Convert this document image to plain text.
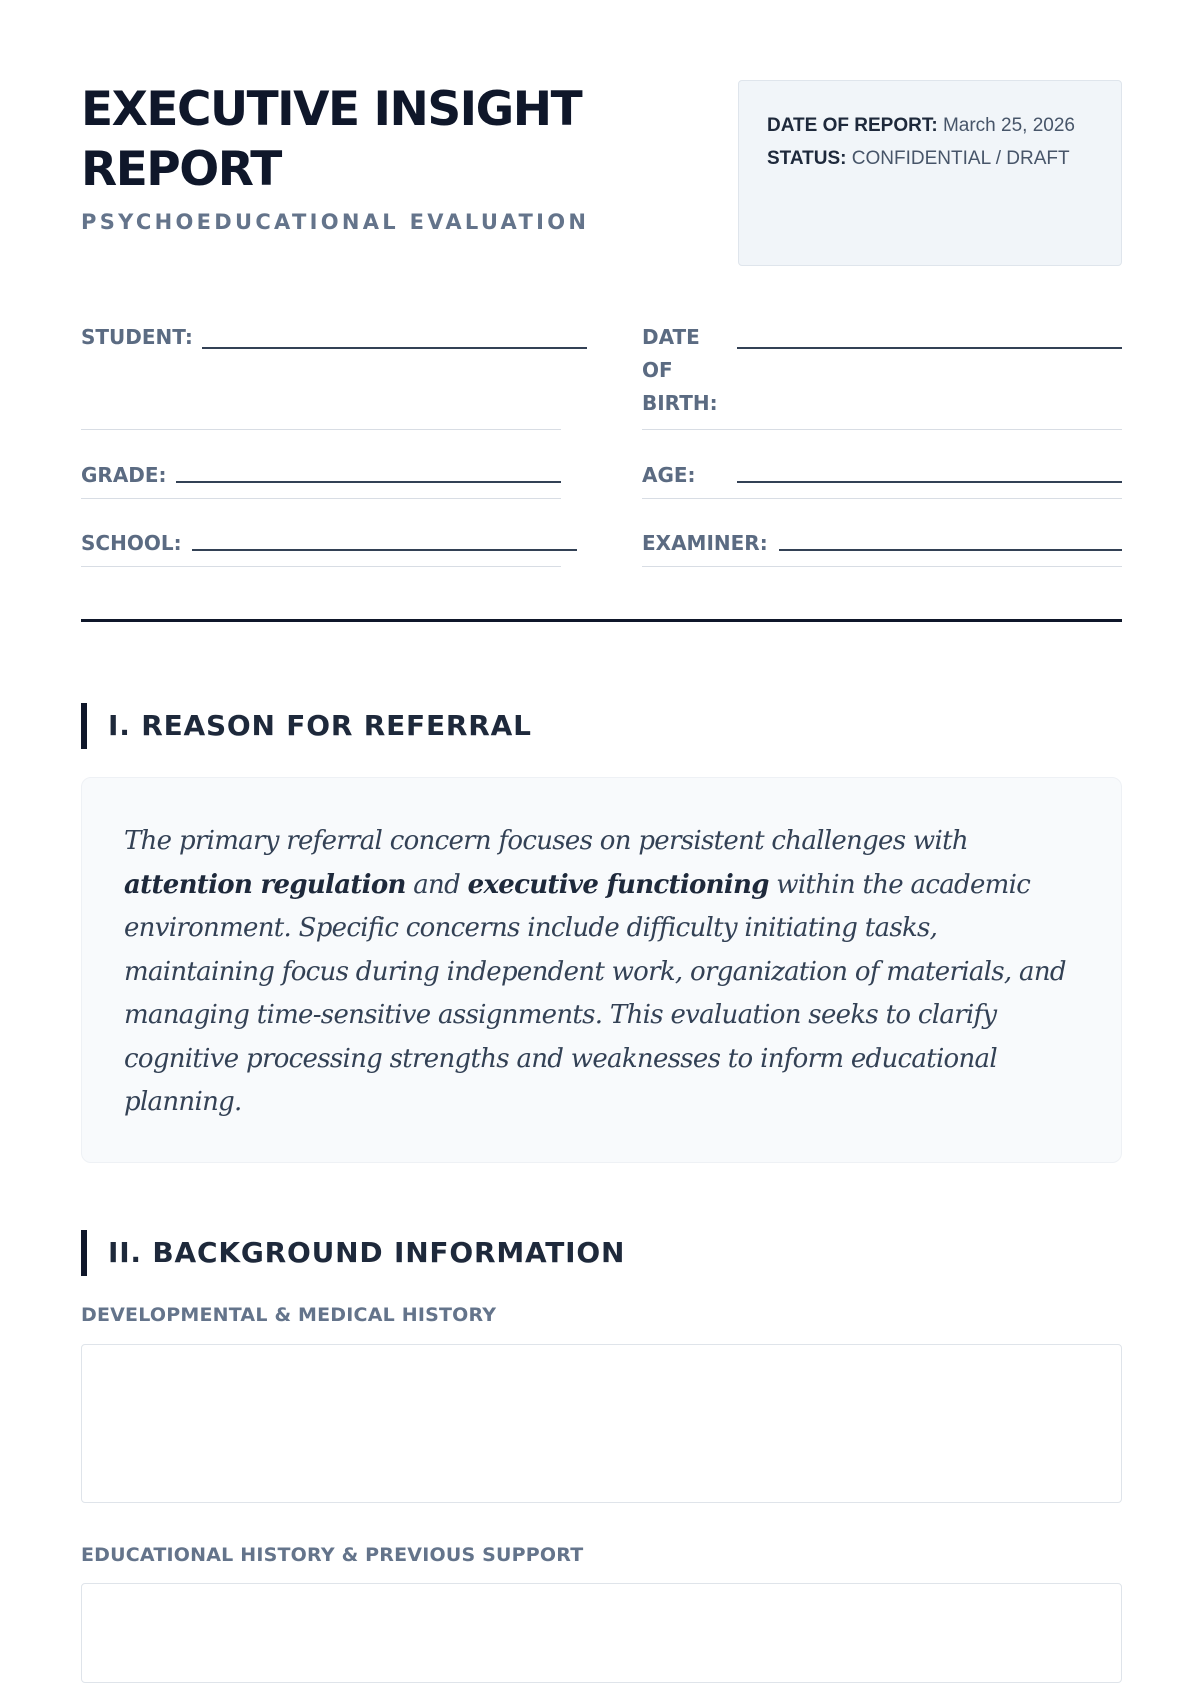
EXECUTIVE INSIGHT REPORT
PSYCHOEDUCATIONAL EVALUATION
DATE OF REPORT: March 25, 2026
STATUS: CONFIDENTIAL / DRAFT
STUDENT:	DATE OF BIRTH:
GRADE:	AGE:
SCHOOL:	EXAMINER:
I. REASON FOR REFERRAL

The primary referral concern focuses on persistent challenges with attention regulation and executive functioning within the academic environment. Specific concerns include difficulty initiating tasks, maintaining focus during independent work, organization of materials, and managing time-sensitive assignments. This evaluation seeks to clarify cognitive processing strengths and weaknesses to inform educational planning.

II. BACKGROUND INFORMATION
DEVELOPMENTAL & MEDICAL HISTORY
EDUCATIONAL HISTORY & PREVIOUS SUPPORT
